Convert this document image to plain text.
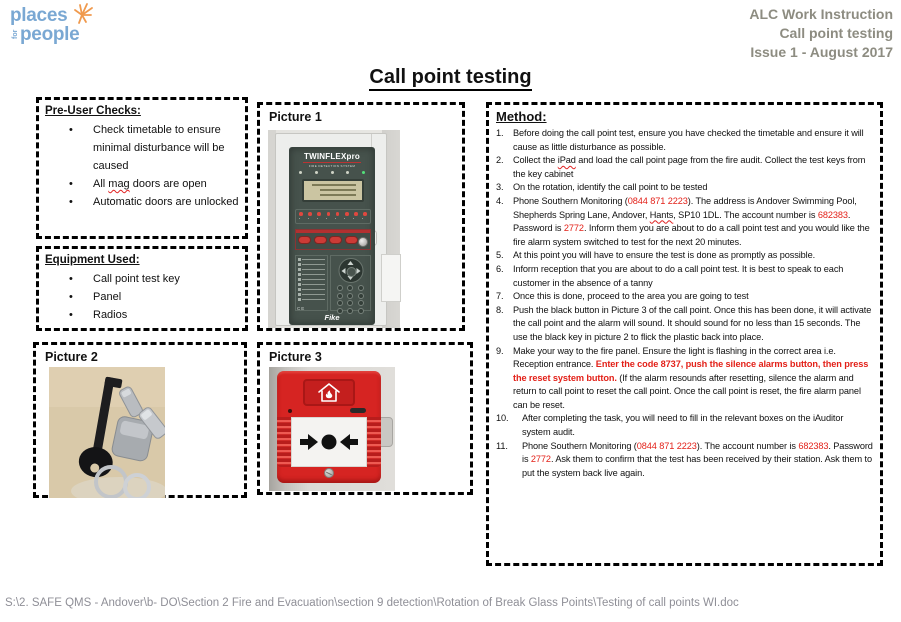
places
for people
ALC Work Instruction
Call point testing
Issue 1 - August 2017
Call point testing
Pre-User Checks:
•	Check timetable to ensure minimal disturbance will be caused
•	All mag doors are open
•	Automatic doors are unlocked
Equipment Used:
•	Call point test key
•	Panel
•	Radios
Picture 1
TWINFLEXpro
FIRE DETECTION SYSTEM
CE
Fike
Picture 2	Picture 3
Method:
1.	Before doing the call point test, ensure you have checked the timetable and ensure it will cause as little disturbance as possible.
2.	Collect the iPad and load the call point page from the fire audit. Collect the test keys from the key cabinet
3.	On the rotation, identify the call point to be tested
4.	Phone Southern Monitoring (0844 871 2223). The address is Andover Swimming Pool, Shepherds Spring Lane, Andover, Hants, SP10 1DL. The account number is 682383. Password is 2772. Inform them you are about to do a call point test and you would like the fire alarm system switched to test for the next 20 minutes.
5.	At this point you will have to ensure the test is done as promptly as possible.
6.	Inform reception that you are about to do a call point test. It is best to speak to each customer in the absence of a tanny
7.	Once this is done, proceed to the area you are going to test
8.	Push the black button in Picture 3 of the call point. Once this has been done, it will activate the call point and the alarm will sound. It should sound for no less than 15 seconds. The use the black key in picture 2 to flick the plastic back into place.
9.	Make your way to the fire panel. Ensure the light is flashing in the correct area i.e. Reception entrance. Enter the code 8737, push the silence alarms button, then press the reset system button. (If the alarm resounds after resetting, silence the alarm and return to call point to reset the call point. Once the call point is reset, the fire alarm panel can be reset.
10.	After completing the task, you will need to fill in the relevant boxes on the iAuditor system audit.
11.	Phone Southern Monitoring (0844 871 2223). The account number is 682383. Password is 2772. Ask them to confirm that the test has been received by their station. Ask them to put the system back live again.
S:\2. SAFE QMS - Andover\b- DO\Section 2 Fire and Evacuation\section 9 detection\Rotation of Break Glass Points\Testing of call points WI.doc
